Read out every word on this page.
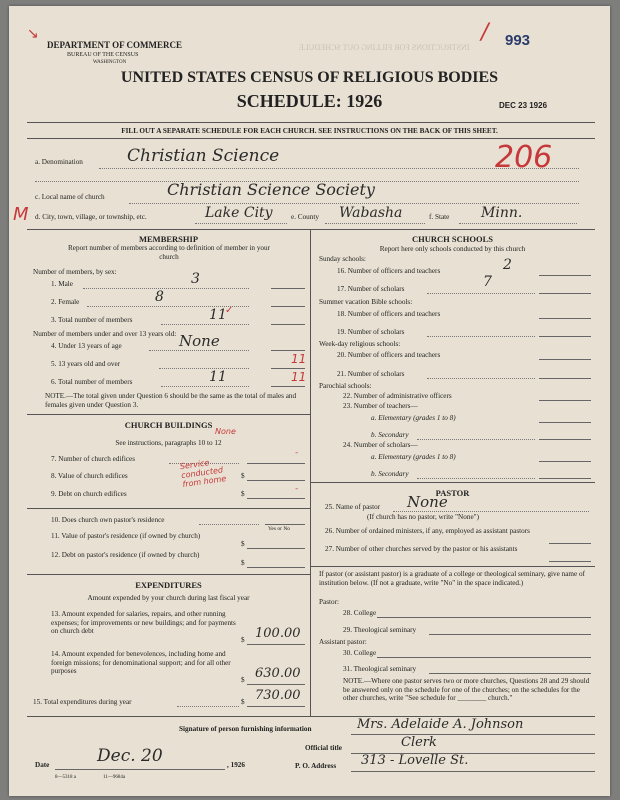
INSTRUCTIONS FOR FILLING OUT SCHEDULE
↘
DEPARTMENT OF COMMERCE
BUREAU OF THE CENSUS
WASHINGTON
/ 993
UNITED STATES CENSUS OF RELIGIOUS BODIES
SCHEDULE: 1926	DEC 23 1926
FILL OUT A SEPARATE SCHEDULE FOR EACH CHURCH. SEE INSTRUCTIONS ON THE BACK OF THIS SHEET.
a. Denomination	Christian Science	206
c. Local name of church	Christian Science Society
M d. City, town, village, or township, etc.	Lake City	e. County Wabasha	f. State Minn.
MEMBERSHIP
Report number of members according to definition of member in your church
Number of members, by sex:
1. Male	3
2. Female	8
3. Total number of members	11
✓
Number of members under and over 13 years old:
4. Under 13 years of age	None
5. 13 years old and over	11
6. Total number of members	11	11
NOTE.—The total given under Question 6 should be the same as the total of males and females given under Question 3.
CHURCH BUILDINGS
None
See instructions, paragraphs 10 to 12
7. Number of church edifices
-
8. Value of church edifices
Service conducted from home	$
9. Debt on church edifices	$	-
10. Does church own pastor's residence
Yes or No
11. Value of pastor's residence (if owned by church)
$
12. Debt on pastor's residence (if owned by church)
$
EXPENDITURES
Amount expended by your church during last fiscal year
13. Amount expended for salaries, repairs, and other running expenses; for improvements or new buildings; and for payments on church debt
$ 100.00
14. Amount expended for benevolences, including home and foreign missions; for denominational support; and for all other purposes
$ 630.00
15. Total expenditures during year	$ 730.00
CHURCH SCHOOLS
Report here only schools conducted by this church
Sunday schools:
16. Number of officers and teachers	2
17. Number of scholars	7
Summer vacation Bible schools:
18. Number of officers and teachers
19. Number of scholars
Week-day religious schools:
20. Number of officers and teachers
21. Number of scholars
Parochial schools:
22. Number of administrative officers
23. Number of teachers—
a. Elementary (grades 1 to 8)
b. Secondary
24. Number of scholars—
a. Elementary (grades 1 to 8)
b. Secondary
PASTOR
25. Name of pastor None
(If church has no pastor, write "None")
26. Number of ordained ministers, if any, employed as assistant pastors
27. Number of other churches served by the pastor or his assistants
If pastor (or assistant pastor) is a graduate of a college or theological seminary, give name of institution below. (If not a graduate, write "No" in the space indicated.)
Pastor:
28. College
29. Theological seminary
Assistant pastor:
30. College
31. Theological seminary
NOTE.—Where one pastor serves two or more churches, Questions 28 and 29 should be answered only on the schedule for one of the churches; on the schedules for the other churches, write "See schedule for ________ church."
Signature of person furnishing information	Mrs. Adelaide A. Johnson
Official title	Clerk
Date	Dec. 20	, 1926	P. O. Address 313 - Lovelle St.
8—5318 a	11—9684a
